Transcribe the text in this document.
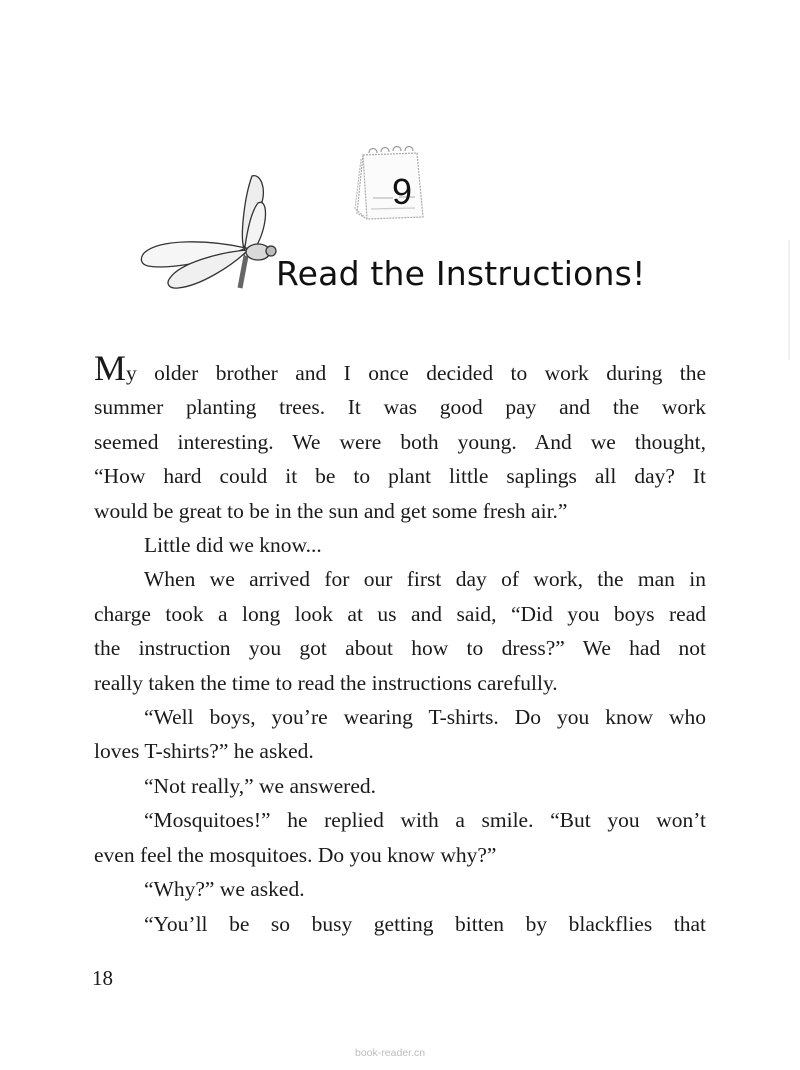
9
Read the Instructions!

My older brother and I once decided to work during the
summer planting trees. It was good pay and the work
seemed interesting. We were both young. And we thought,
“How hard could it be to plant little saplings all day? It
would be great to be in the sun and get some fresh air.”

Little did we know...

When we arrived for our first day of work, the man in
charge took a long look at us and said, “Did you boys read
the instruction you got about how to dress?” We had not
really taken the time to read the instructions carefully.

“Well boys, you’re wearing T-shirts. Do you know who
loves T-shirts?” he asked.

“Not really,” we answered.

“Mosquitoes!” he replied with a smile. “But you won’t
even feel the mosquitoes. Do you know why?”

“Why?” we asked.

“You’ll be so busy getting bitten by blackflies that

18
book-reader.cn
